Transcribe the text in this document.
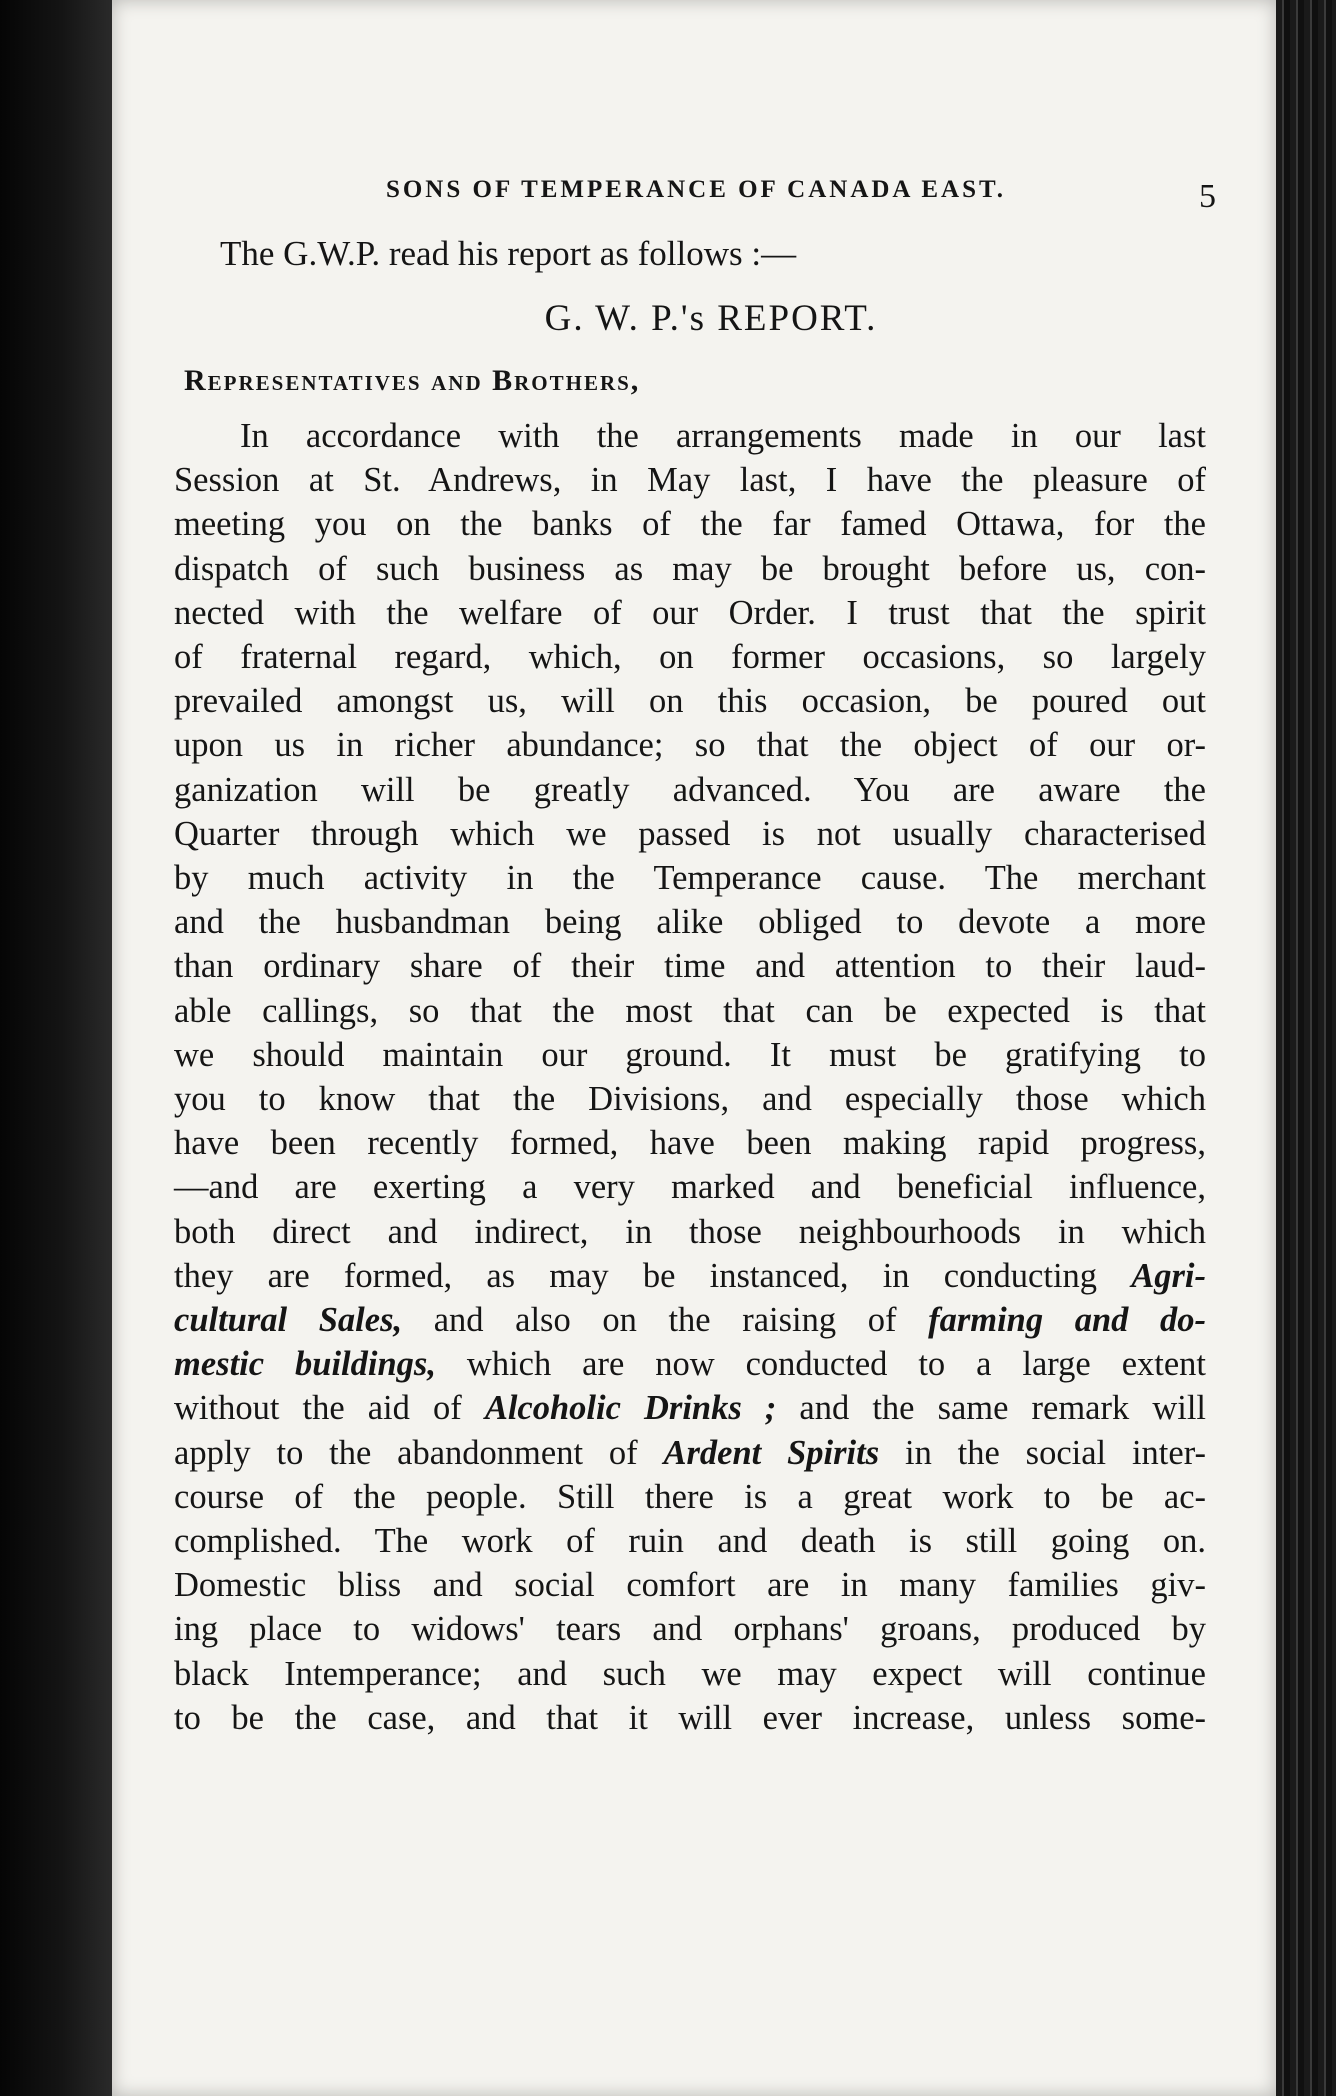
SONS OF TEMPERANCE OF CANADA EAST.	5
The G.W.P. read his report as follows :—
G. W. P.'s REPORT.
Representatives and Brothers,
In accordance with the arrangements made in our last
Session at St. Andrews, in May last, I have the pleasure of
meeting you on the banks of the far famed Ottawa, for the
dispatch of such business as may be brought before us, con-
nected with the welfare of our Order. I trust that the spirit
of fraternal regard, which, on former occasions, so largely
prevailed amongst us, will on this occasion, be poured out
upon us in richer abundance; so that the object of our or-
ganization will be greatly advanced. You are aware the
Quarter through which we passed is not usually characterised
by much activity in the Temperance cause. The merchant
and the husbandman being alike obliged to devote a more
than ordinary share of their time and attention to their laud-
able callings, so that the most that can be expected is that
we should maintain our ground. It must be gratifying to
you to know that the Divisions, and especially those which
have been recently formed, have been making rapid progress,
—and are exerting a very marked and beneficial influence,
both direct and indirect, in those neighbourhoods in which
they are formed, as may be instanced, in conducting Agri-
cultural Sales, and also on the raising of farming and do-
mestic buildings, which are now conducted to a large extent
without the aid of Alcoholic Drinks ; and the same remark will
apply to the abandonment of Ardent Spirits in the social inter-
course of the people. Still there is a great work to be ac-
complished. The work of ruin and death is still going on.
Domestic bliss and social comfort are in many families giv-
ing place to widows' tears and orphans' groans, produced by
black Intemperance; and such we may expect will continue
to be the case, and that it will ever increase, unless some-
